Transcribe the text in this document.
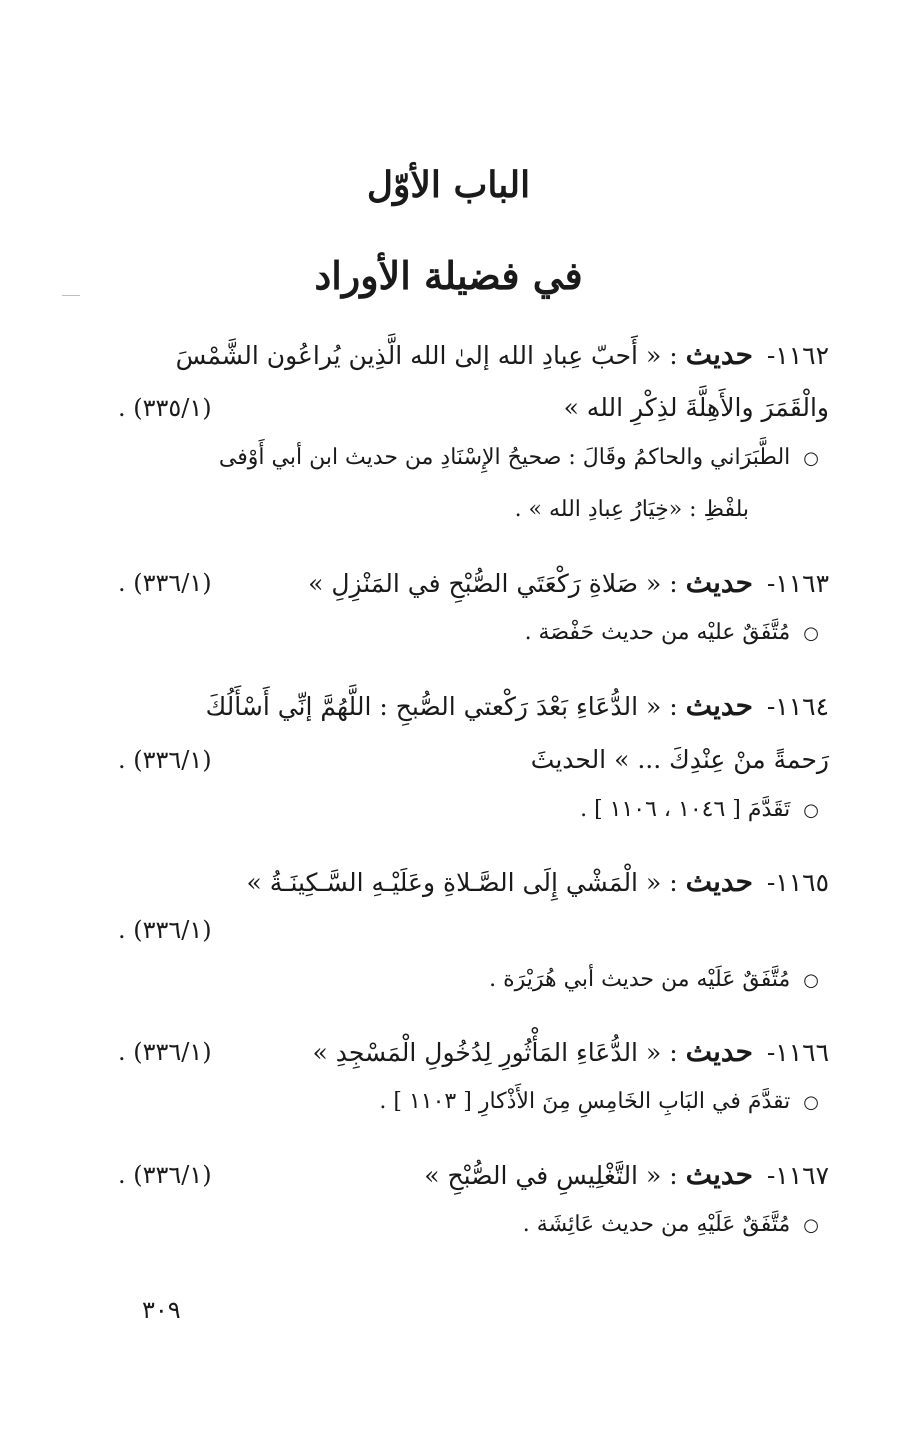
الباب الأوّل
في فضيلة الأوراد
١١٦٢- حديث : « أَحبّ عِبادِ الله إلىٰ الله الَّذِين يُراعُون الشَّمْسَ
والْقَمَرَ والأَهِلَّةَ لذِكْرِ الله »
(٣٣٥/١) .
○ الطَّبَرَاني والحاكمُ وقَالَ : صحيحُ الإِسْنَادِ من حديث ابن أبي أَوْفى
بلفْظِ : «خِيَارُ عِبادِ الله » .
١١٦٣- حديث : « صَلاةِ رَكْعَتَي الصُّبْحِ في المَنْزِلِ »
(٣٣٦/١) .
○ مُتَّفَقٌ عليْه من حديث حَفْصَة .
١١٦٤- حديث : « الدُّعَاءِ بَعْدَ رَكْعتي الصُّبحِ : اللَّهُمَّ إنِّي أَسْأَلُكَ
رَحمةً منْ عِنْدِكَ ... » الحديثَ
(٣٣٦/١) .
○ تَقَدَّمَ [ ١٠٤٦ ، ١١٠٦ ] .
١١٦٥- حديث : « الْمَشْي إِلَى الصَّـلاةِ وعَلَيْـهِ السَّـكِينَـةُ »
(٣٣٦/١) .
○ مُتَّفَقٌ عَلَيْه من حديث أبي هُرَيْرَة .
١١٦٦- حديث : « الدُّعَاءِ المَأْثُورِ لِدُخُولِ الْمَسْجِدِ »
(٣٣٦/١) .
○ تقدَّمَ في البَابِ الخَامِسِ مِنَ الأَذْكارِ [ ١١٠٣ ] .
١١٦٧- حديث : « التَّغْلِيسِ في الصُّبْحِ »
(٣٣٦/١) .
○ مُتَّفَقٌ عَلَيْهِ من حديث عَائِشَة .
٣٠٩
